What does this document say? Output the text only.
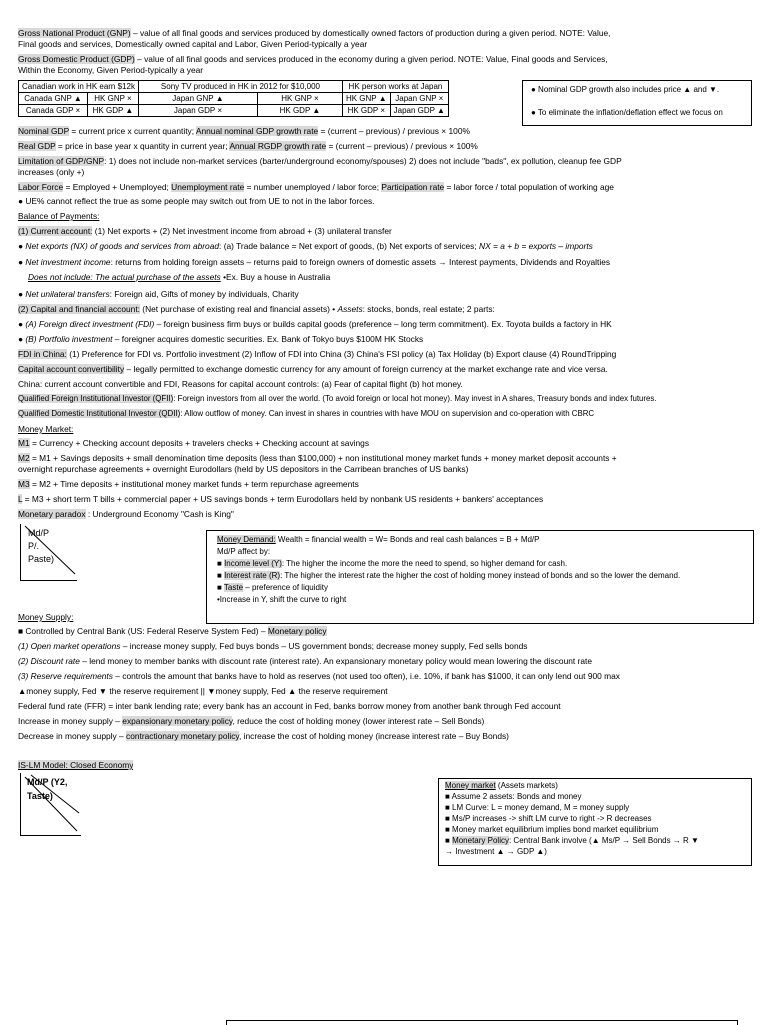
Gross National Product (GNP) – value of all final goods and services produced by domestically owned factors of production during a given period. NOTE: Value,
Final goods and services, Domestically owned capital and Labor, Given Period-typically a year
Gross Domestic Product (GDP) – value of all final goods and services produced in the economy during a given period. NOTE: Value, Final goods and Services,
Within the Economy, Given Period-typically a year
Canadian work in HK earn $12k		Sony TV produced in HK in 2012 for $10,000		HK person works at Japan	
Canada GNP ▲	HK GNP ×	Japan GNP ▲	HK GNP ×	HK GNP ▲	Japan GNP ×
Canada GDP ×	HK GDP ▲	Japan GDP ×	HK GDP ▲	HK GDP ×	Japan GDP ▲
● Nominal GDP growth also includes price ▲ and ▼.
● To eliminate the inflation/deflation effect we focus on
Nominal GDP = current price x current quantity; Annual nominal GDP growth rate = (current – previous) / previous × 100%
Real GDP = price in base year x quantity in current year; Annual RGDP growth rate = (current – previous) / previous × 100%
Limitation of GDP/GNP: 1) does not include non-market services (barter/underground economy/spouses) 2) does not include "bads", ex pollution, cleanup fee GDP
increases (only +)
Labor Force = Employed + Unemployed; Unemployment rate = number unemployed / labor force; Participation rate = labor force / total population of working age
● UE% cannot reflect the true as some people may switch out from UE to not in the labor forces.
Balance of Payments:
(1) Current account: (1) Net exports + (2) Net investment income from abroad + (3) unilateral transfer
● Net exports (NX) of goods and services from abroad: (a) Trade balance = Net export of goods, (b) Net exports of services; NX = a + b = exports – imports
● Net investment income: returns from holding foreign assets – returns paid to foreign owners of domestic assets → Interest payments, Dividends and Royalties
Does not include: The actual purchase of the assets •Ex. Buy a house in Australia
● Net unilateral transfers: Foreign aid, Gifts of money by individuals, Charity
(2) Capital and financial account: (Net purchase of existing real and financial assets) • Assets: stocks, bonds, real estate; 2 parts:
● (A) Foreign direct investment (FDI) – foreign business firm buys or builds capital goods (preference – long term commitment). Ex. Toyota builds a factory in HK
● (B) Portfolio investment – foreigner acquires domestic securities. Ex. Bank of Tokyo buys $100M HK Stocks
FDI in China: (1) Preference for FDI vs. Portfolio investment (2) Inflow of FDI into China (3) China's FSI policy (a) Tax Holiday (b) Export clause (4) RoundTripping
Capital account convertibility – legally permitted to exchange domestic currency for any amount of foreign currency at the market exchange rate and vice versa.
China: current account convertible and FDI, Reasons for capital account controls: (a) Fear of capital flight (b) hot money.
Qualified Foreign Institutional Investor (QFII): Foreign investors from all over the world. (To avoid foreign or local hot money). May invest in A shares, Treasury bonds and index futures.
Qualified Domestic Institutional Investor (QDII): Allow outflow of money. Can invest in shares in countries with have MOU on supervision and co-operation with CBRC
Money Market:
M1 = Currency + Checking account deposits + travelers checks + Checking account at savings
M2 = M1 + Savings deposits + small denomination time deposits (less than $100,000) + non institutional money market funds + money market deposit accounts +
overnight repurchase agreements + overnight Eurodollars (held by US depositors in the Carribean branches of US banks)
M3 = M2 + Time deposits + institutional money market funds + term repurchase agreements
L = M3 + short term T bills + commercial paper + US savings bonds + term Eurodollars held by nonbank US residents + bankers' acceptances
Monetary paradox : Underground Economy "Cash is King"
Md/P
P/.
Paste)
Money Demand: Wealth = financial wealth = W= Bonds and real cash balances = B + Md/P
Md/P affect by:
■ Income level (Y): The higher the income the more the need to spend, so higher demand for cash.
■ Interest rate (R): The higher the interest rate the higher the cost of holding money instead of bonds and so the lower the demand.
■ Taste – preference of liquidity
•Increase in Y, shift the curve to right
Money Supply:
■ Controlled by Central Bank (US: Federal Reserve System Fed) – Monetary policy
(1) Open market operations – increase money supply, Fed buys bonds – US government bonds; decrease money supply, Fed sells bonds
(2) Discount rate – lend money to member banks with discount rate (interest rate). An expansionary monetary policy would mean lowering the discount rate
(3) Reserve requirements – controls the amount that banks have to hold as reserves (not used too often), i.e. 10%, if bank has $1000, it can only lend out 900 max
▲money supply, Fed ▼ the reserve requirement || ▼money supply, Fed ▲ the reserve requirement
Federal fund rate (FFR) = inter bank lending rate; every bank has an account in Fed, banks borrow money from another bank through Fed account
Increase in money supply – expansionary monetary policy, reduce the cost of holding money (lower interest rate – Sell Bonds)
Decrease in money supply – contractionary monetary policy, increase the cost of holding money (increase interest rate – Buy Bonds)
IS-LM Model: Closed Economy
Md/P (Y2,
Taste)
Money market (Assets markets)
■ Assume 2 assets: Bonds and money
■ LM Curve: L = money demand, M = money supply
■ Ms/P increases -> shift LM curve to right -> R decreases
■ Money market equilibrium implies bond market equilibrium
■ Monetary Policy: Central Bank involve (▲ Ms/P → Sell Bonds → R ▼
→ Investment ▲ → GDP ▲)
